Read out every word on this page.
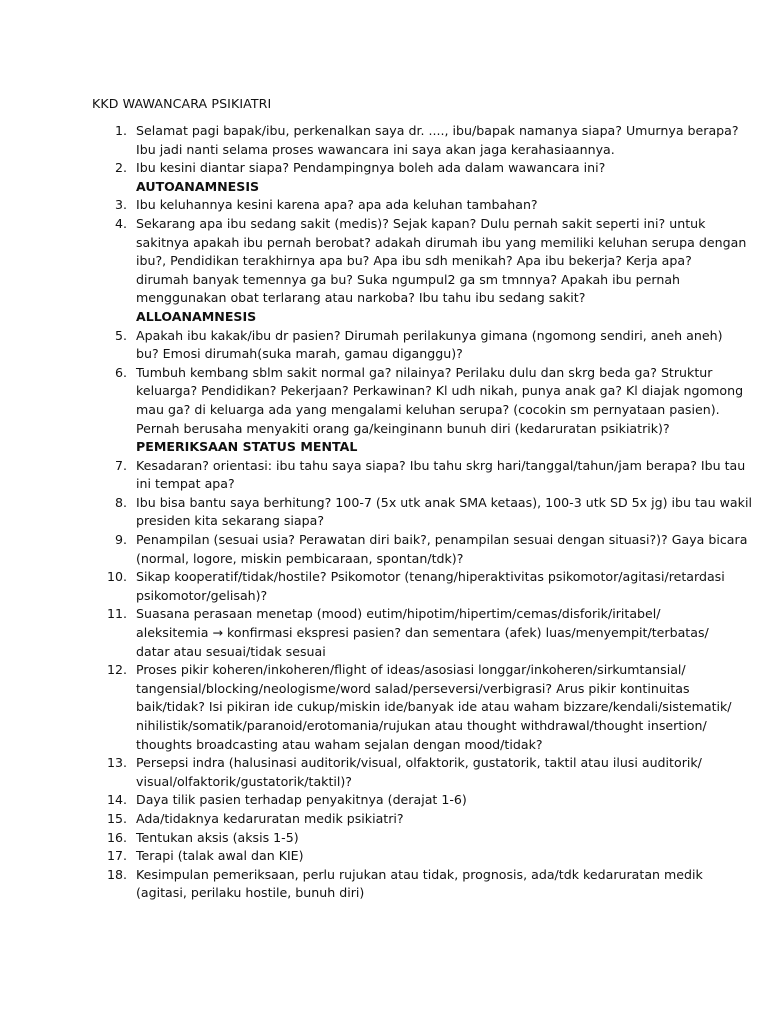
KKD WAWANCARA PSIKIATRI
1. Selamat pagi bapak/ibu, perkenalkan saya dr. ...., ibu/bapak namanya siapa? Umurnya berapa?
Ibu jadi nanti selama proses wawancara ini saya akan jaga kerahasiaannya.
2. Ibu kesini diantar siapa? Pendampingnya boleh ada dalam wawancara ini?
AUTOANAMNESIS
3. Ibu keluhannya kesini karena apa? apa ada keluhan tambahan?
4. Sekarang apa ibu sedang sakit (medis)? Sejak kapan? Dulu pernah sakit seperti ini? untuk
sakitnya apakah ibu pernah berobat? adakah dirumah ibu yang memiliki keluhan serupa dengan
ibu?, Pendidikan terakhirnya apa bu? Apa ibu sdh menikah? Apa ibu bekerja? Kerja apa?
dirumah banyak temennya ga bu? Suka ngumpul2 ga sm tmnnya? Apakah ibu pernah
menggunakan obat terlarang atau narkoba? Ibu tahu ibu sedang sakit?
ALLOANAMNESIS
5. Apakah ibu kakak/ibu dr pasien? Dirumah perilakunya gimana (ngomong sendiri, aneh aneh)
bu? Emosi dirumah(suka marah, gamau diganggu)?
6. Tumbuh kembang sblm sakit normal ga? nilainya? Perilaku dulu dan skrg beda ga? Struktur
keluarga? Pendidikan? Pekerjaan? Perkawinan? Kl udh nikah, punya anak ga? Kl diajak ngomong
mau ga? di keluarga ada yang mengalami keluhan serupa? (cocokin sm pernyataan pasien).
Pernah berusaha menyakiti orang ga/keinginann bunuh diri (kedaruratan psikiatrik)?
PEMERIKSAAN STATUS MENTAL
7. Kesadaran? orientasi: ibu tahu saya siapa? Ibu tahu skrg hari/tanggal/tahun/jam berapa? Ibu tau
ini tempat apa?
8. Ibu bisa bantu saya berhitung? 100-7 (5x utk anak SMA ketaas), 100-3 utk SD 5x jg) ibu tau wakil
presiden kita sekarang siapa?
9. Penampilan (sesuai usia? Perawatan diri baik?, penampilan sesuai dengan situasi?)? Gaya bicara
(normal, logore, miskin pembicaraan, spontan/tdk)?
10. Sikap kooperatif/tidak/hostile? Psikomotor (tenang/hiperaktivitas psikomotor/agitasi/retardasi
psikomotor/gelisah)?
11. Suasana perasaan menetap (mood) eutim/hipotim/hipertim/cemas/disforik/iritabel/
aleksitemia → konfirmasi ekspresi pasien? dan sementara (afek) luas/menyempit/terbatas/
datar atau sesuai/tidak sesuai
12. Proses pikir koheren/inkoheren/flight of ideas/asosiasi longgar/inkoheren/sirkumtansial/
tangensial/blocking/neologisme/word salad/perseversi/verbigrasi? Arus pikir kontinuitas
baik/tidak? Isi pikiran ide cukup/miskin ide/banyak ide atau waham bizzare/kendali/sistematik/
nihilistik/somatik/paranoid/erotomania/rujukan atau thought withdrawal/thought insertion/
thoughts broadcasting atau waham sejalan dengan mood/tidak?
13. Persepsi indra (halusinasi auditorik/visual, olfaktorik, gustatorik, taktil atau ilusi auditorik/
visual/olfaktorik/gustatorik/taktil)?
14. Daya tilik pasien terhadap penyakitnya (derajat 1-6)
15. Ada/tidaknya kedaruratan medik psikiatri?
16. Tentukan aksis (aksis 1-5)
17. Terapi (talak awal dan KIE)
18. Kesimpulan pemeriksaan, perlu rujukan atau tidak, prognosis, ada/tdk kedaruratan medik
(agitasi, perilaku hostile, bunuh diri)
